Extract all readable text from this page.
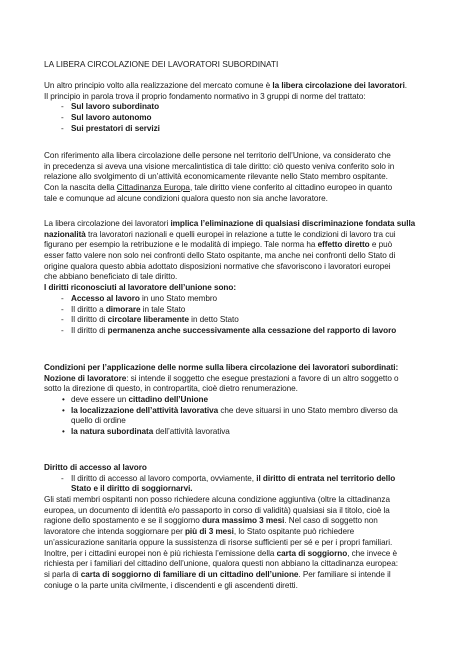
LA LIBERA CIRCOLAZIONE DEI LAVORATORI SUBORDINATI
Un altro principio volto alla realizzazione del mercato comune è la libera circolazione dei lavoratori.
Il principio in parola trova il proprio fondamento normativo in 3 gruppi di norme del trattato:
- Sul lavoro subordinato
- Sul lavoro autonomo
- Sui prestatori di servizi
Con riferimento alla libera circolazione delle persone nel territorio dell’Unione, va considerato che
in precedenza si aveva una visione mercalintistica di tale diritto: ciò questo veniva conferito solo in
relazione allo svolgimento di un’attività economicamente rilevante nello Stato membro ospitante.
Con la nascita della Cittadinanza Europa, tale diritto viene conferito al cittadino europeo in quanto
tale e comunque ad alcune condizioni qualora questo non sia anche lavoratore.
La libera circolazione dei lavoratori implica l’eliminazione di qualsiasi discriminazione fondata sulla
nazionalità tra lavoratori nazionali e quelli europei in relazione a tutte le condizioni di lavoro tra cui
figurano per esempio la retribuzione e le modalità di impiego. Tale norma ha effetto diretto e può
esser fatto valere non solo nei confronti dello Stato ospitante, ma anche nei confronti dello Stato di
origine qualora questo abbia adottato disposizioni normative che sfavoriscono i lavoratori europei
che abbiano beneficiato di tale diritto.
I diritti riconosciuti al lavoratore dell’unione sono:
- Accesso al lavoro in uno Stato membro
- Il diritto a dimorare in tale Stato
- Il diritto di circolare liberamente in detto Stato
- Il diritto di permanenza anche successivamente alla cessazione del rapporto di lavoro
Condizioni per l’applicazione delle norme sulla libera circolazione dei lavoratori subordinati:
Nozione di lavoratore: si intende il soggetto che esegue prestazioni a favore di un altro soggetto o
sotto la direzione di questo, in contropartita, cioè dietro renumerazione.
• deve essere un cittadino dell’Unione
• la localizzazione dell’attività lavorativa che deve situarsi in uno Stato membro diverso da
quello di ordine
• la natura subordinata dell’attività lavorativa
Diritto di accesso al lavoro
- Il diritto di accesso al lavoro comporta, ovviamente, il diritto di entrata nel territorio dello
Stato e il diritto di soggiornarvi.
Gli stati membri ospitanti non posso richiedere alcuna condizione aggiuntiva (oltre la cittadinanza
europea, un documento di identità e/o passaporto in corso di validità) qualsiasi sia il titolo, cioè la
ragione dello spostamento e se il soggiorno dura massimo 3 mesi. Nel caso di soggetto non
lavoratore che intenda soggiornare per più di 3 mesi, lo Stato ospitante può richiedere
un’assicurazione sanitaria oppure la sussistenza di risorse sufficienti per sé e per i propri familiari.
Inoltre, per i cittadini europei non è più richiesta l’emissione della carta di soggiorno, che invece è
richiesta per i familiari del cittadino dell’unione, qualora questi non abbiano la cittadinanza europea:
si parla di carta di soggiorno di familiare di un cittadino dell’unione. Per familiare si intende il
coniuge o la parte unita civilmente, i discendenti e gli ascendenti diretti.
